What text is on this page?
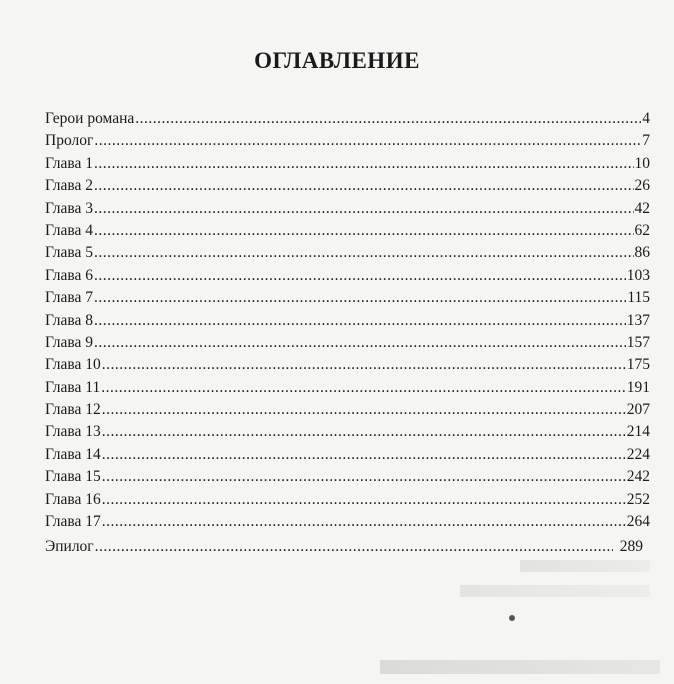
ОГЛАВЛЕНИЕ
Герои романа .....	4
Пролог .....	7
Глава 1 .....	10
Глава 2 .....	26
Глава 3 .....	42
Глава 4 .....	62
Глава 5 .....	86
Глава 6 .....	103
Глава 7 .....	115
Глава 8 .....	137
Глава 9 .....	157
Глава 10 .....	175
Глава 11 .....	191
Глава 12 .....	207
Глава 13 .....	214
Глава 14 .....	224
Глава 15 .....	242
Глава 16 .....	252
Глава 17 .....	264
Эпилог .....	289
